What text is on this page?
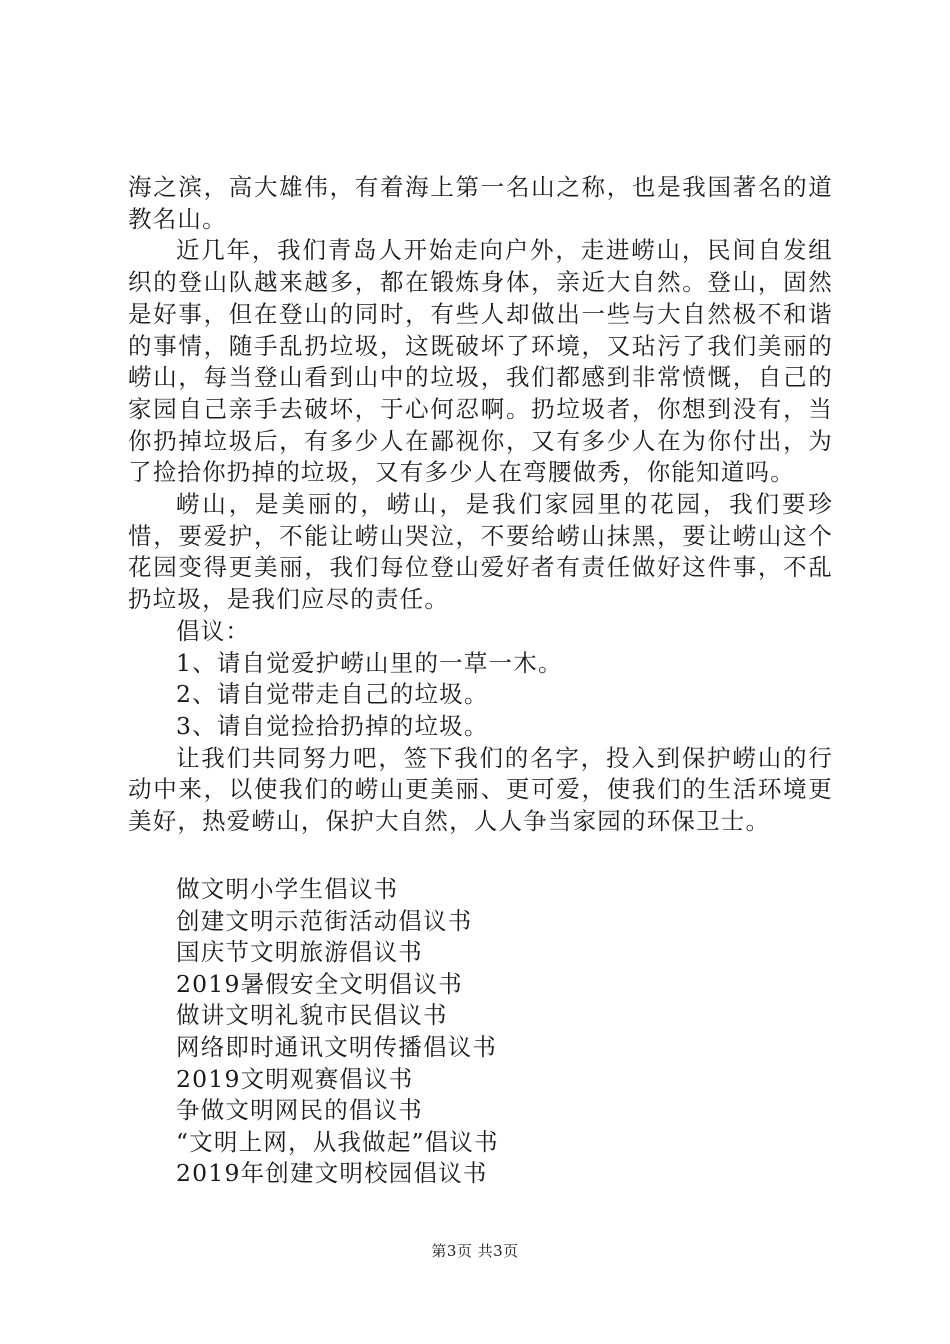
海之滨，高大雄伟，有着海上第一名山之称，也是我国著名的道教名山。

近几年，我们青岛人开始走向户外，走进崂山，民间自发组织的登山队越来越多，都在锻炼身体，亲近大自然。登山，固然是好事，但在登山的同时，有些人却做出一些与大自然极不和谐的事情，随手乱扔垃圾，这既破坏了环境，又玷污了我们美丽的崂山，每当登山看到山中的垃圾，我们都感到非常愤慨，自己的家园自己亲手去破坏，于心何忍啊。扔垃圾者，你想到没有，当你扔掉垃圾后，有多少人在鄙视你，又有多少人在为你付出，为了捡拾你扔掉的垃圾，又有多少人在弯腰做秀，你能知道吗。

崂山，是美丽的，崂山，是我们家园里的花园，我们要珍惜，要爱护，不能让崂山哭泣，不要给崂山抹黑，要让崂山这个花园变得更美丽，我们每位登山爱好者有责任做好这件事，不乱扔垃圾，是我们应尽的责任。

倡议：

1、请自觉爱护崂山里的一草一木。

2、请自觉带走自己的垃圾。

3、请自觉捡拾扔掉的垃圾。

让我们共同努力吧，签下我们的名字，投入到保护崂山的行动中来，以使我们的崂山更美丽、更可爱，使我们的生活环境更美好，热爱崂山，保护大自然，人人争当家园的环保卫士。

做文明小学生倡议书

创建文明示范街活动倡议书

国庆节文明旅游倡议书

2019暑假安全文明倡议书

做讲文明礼貌市民倡议书

网络即时通讯文明传播倡议书

2019文明观赛倡议书

争做文明网民的倡议书

“文明上网，从我做起”倡议书

2019年创建文明校园倡议书

第3页 共3页
